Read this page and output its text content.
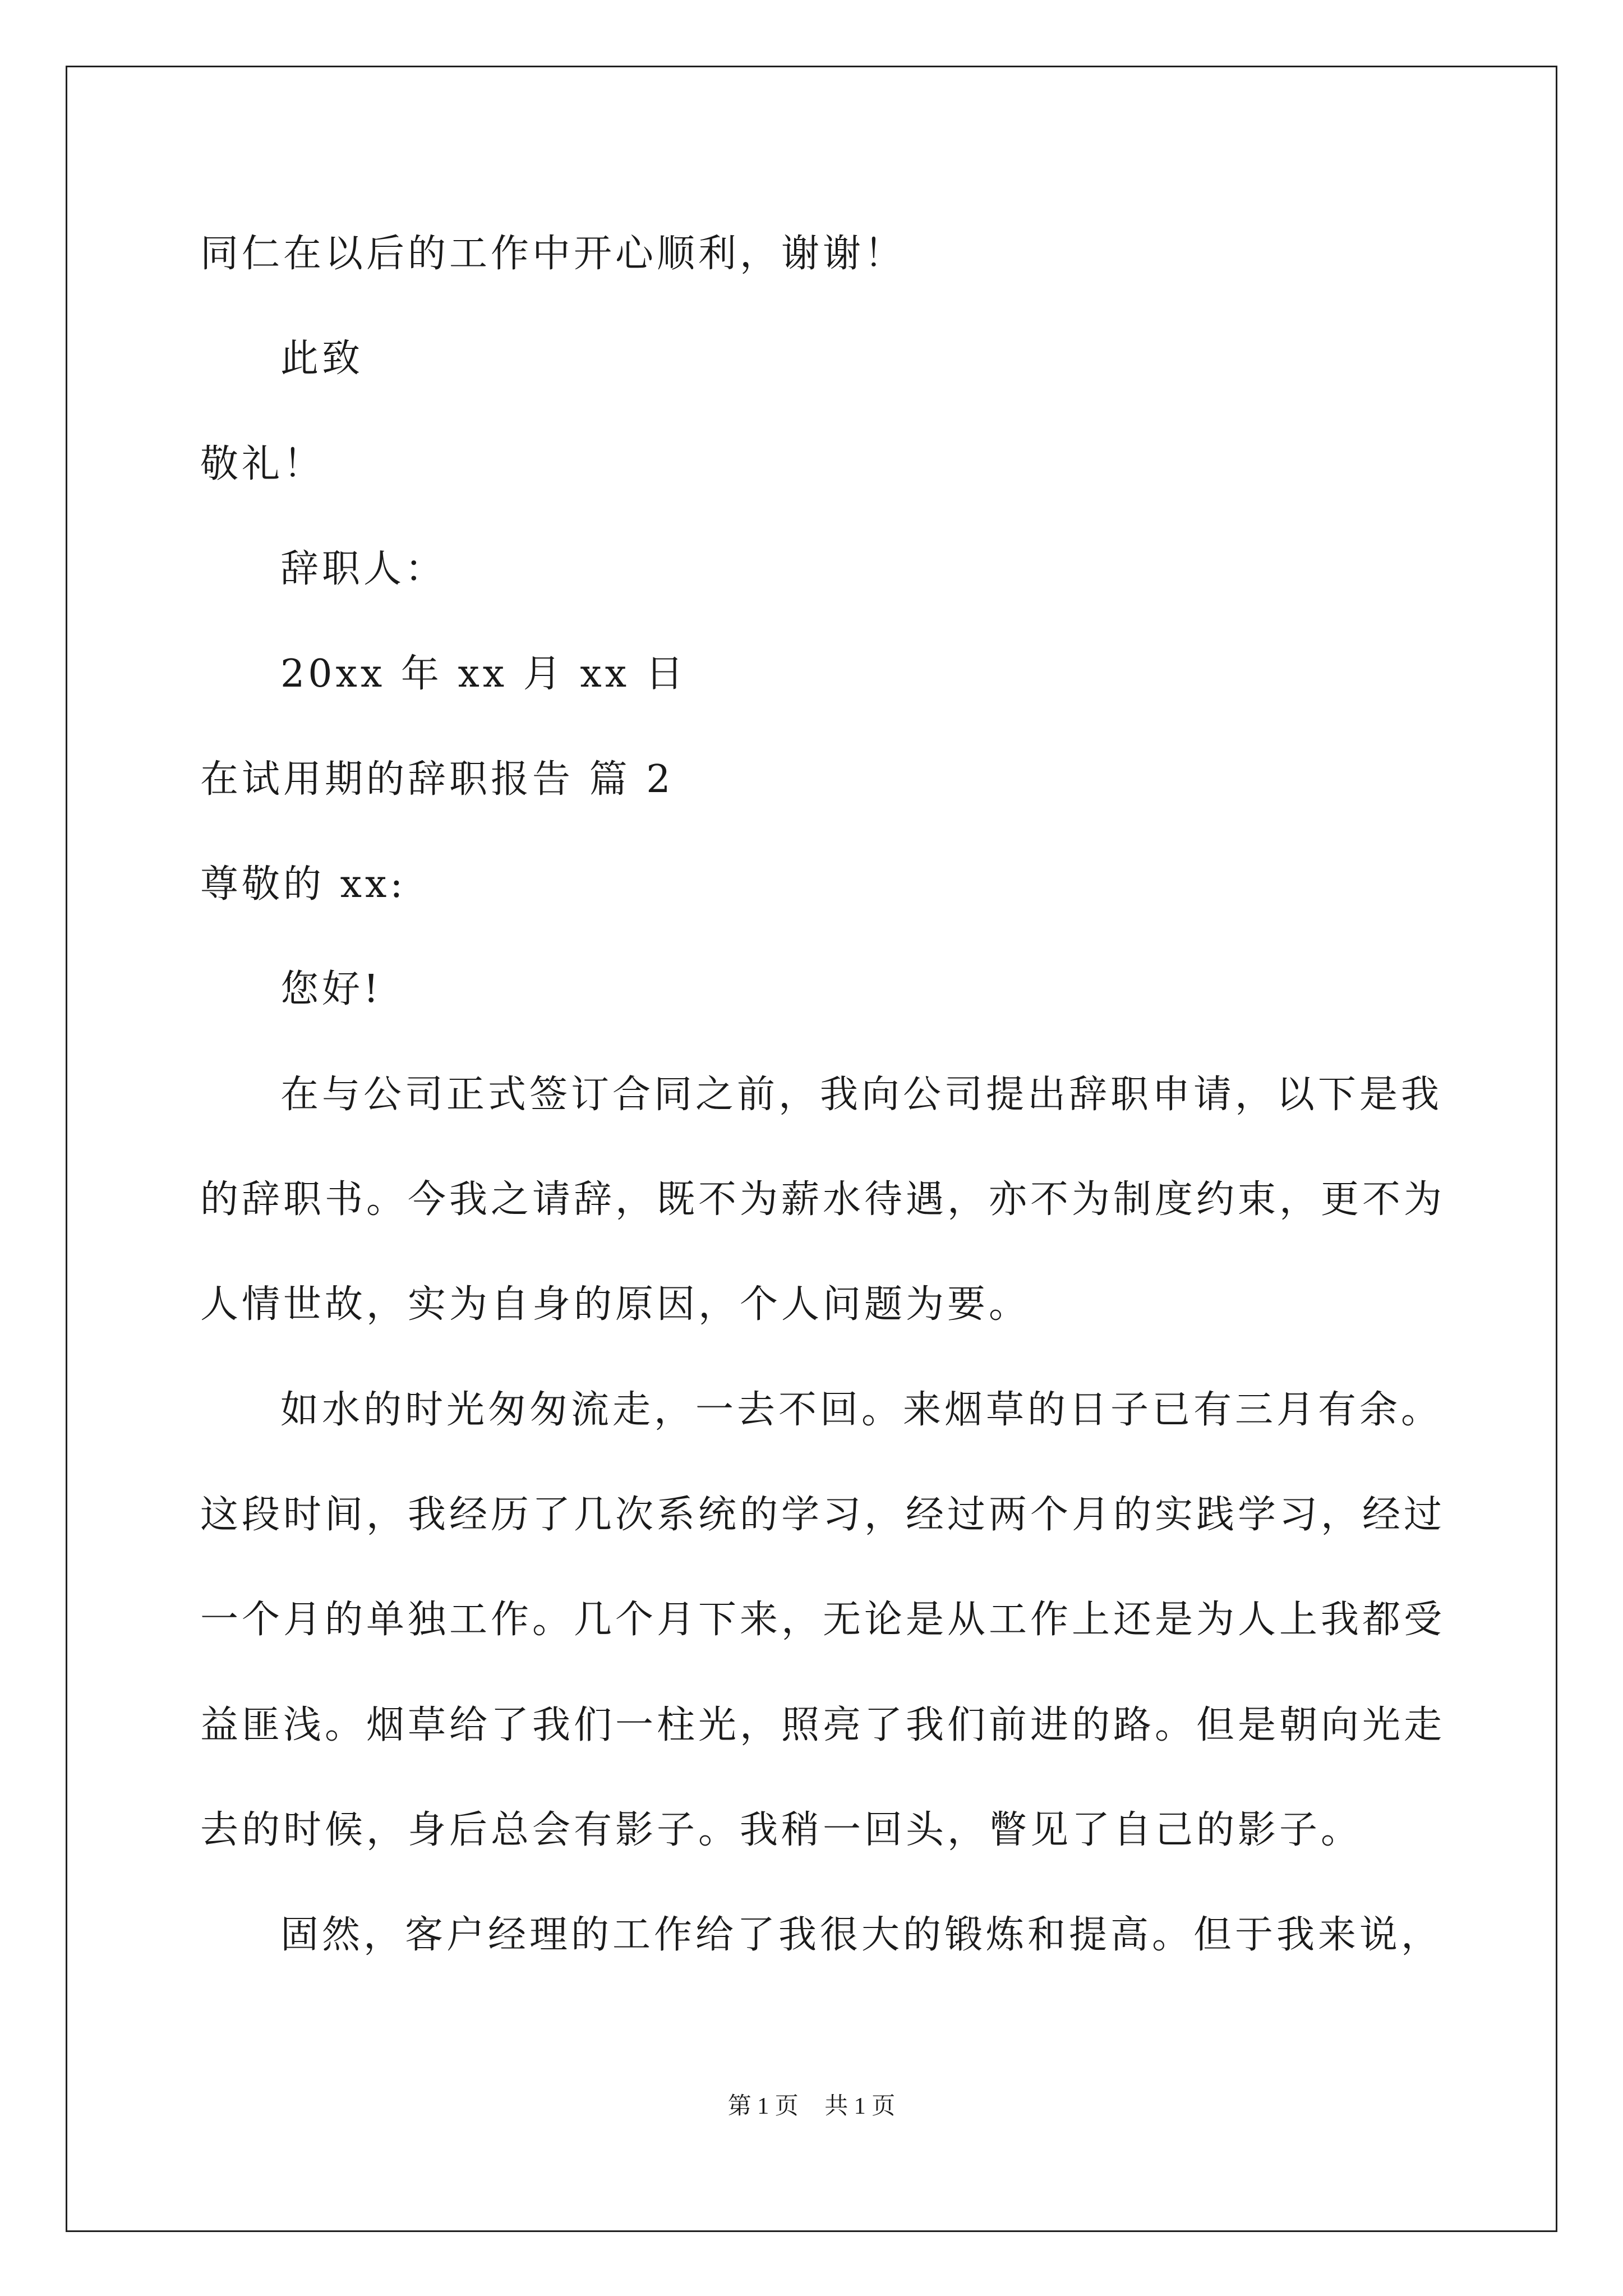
同仁在以后的工作中开心顺利，谢谢！
此致
敬礼！
辞职人：
20xx 年 xx 月 xx 日
在试用期的辞职报告 篇 2
尊敬的 xx:
您好!
在与公司正式签订合同之前，我向公司提出辞职申请，以下是我
的辞职书。今我之请辞，既不为薪水待遇，亦不为制度约束，更不为
人情世故，实为自身的原因，个人问题为要。
如水的时光匆匆流走，一去不回。来烟草的日子已有三月有余。
这段时间，我经历了几次系统的学习，经过两个月的实践学习，经过
一个月的单独工作。几个月下来，无论是从工作上还是为人上我都受
益匪浅。烟草给了我们一柱光，照亮了我们前进的路。但是朝向光走
去的时候，身后总会有影子。我稍一回头，瞥见了自己的影子。
固然，客户经理的工作给了我很大的锻炼和提高。但于我来说，
第 1 页 共 1 页
